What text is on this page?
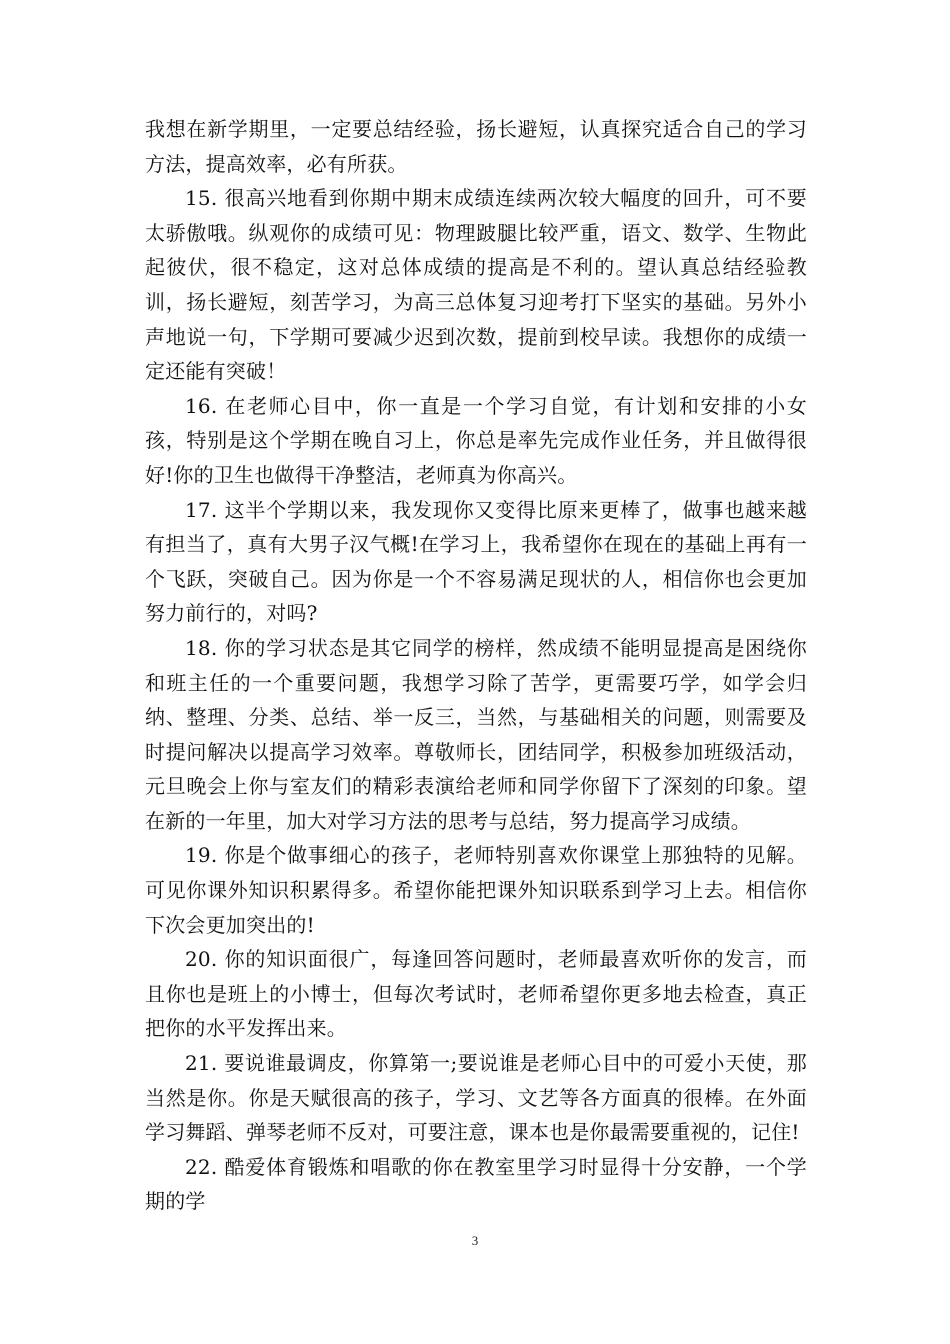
我想在新学期里，一定要总结经验，扬长避短，认真探究适合自己的学习方法，提高效率，必有所获。

15. 很高兴地看到你期中期末成绩连续两次较大幅度的回升，可不要太骄傲哦。纵观你的成绩可见：物理跛腿比较严重，语文、数学、生物此起彼伏，很不稳定，这对总体成绩的提高是不利的。望认真总结经验教训，扬长避短，刻苦学习，为高三总体复习迎考打下坚实的基础。另外小声地说一句，下学期可要减少迟到次数，提前到校早读。我想你的成绩一定还能有突破！

16. 在老师心目中，你一直是一个学习自觉，有计划和安排的小女孩，特别是这个学期在晚自习上，你总是率先完成作业任务，并且做得很好!你的卫生也做得干净整洁，老师真为你高兴。

17. 这半个学期以来，我发现你又变得比原来更棒了，做事也越来越有担当了，真有大男子汉气概!在学习上，我希望你在现在的基础上再有一个飞跃，突破自己。因为你是一个不容易满足现状的人，相信你也会更加努力前行的，对吗?

18. 你的学习状态是其它同学的榜样，然成绩不能明显提高是困绕你和班主任的一个重要问题，我想学习除了苦学，更需要巧学，如学会归纳、整理、分类、总结、举一反三，当然，与基础相关的问题，则需要及时提问解决以提高学习效率。尊敬师长，团结同学，积极参加班级活动，元旦晚会上你与室友们的精彩表演给老师和同学你留下了深刻的印象。望在新的一年里，加大对学习方法的思考与总结，努力提高学习成绩。

19. 你是个做事细心的孩子，老师特别喜欢你课堂上那独特的见解。可见你课外知识积累得多。希望你能把课外知识联系到学习上去。相信你下次会更加突出的!

20. 你的知识面很广，每逢回答问题时，老师最喜欢听你的发言，而且你也是班上的小博士，但每次考试时，老师希望你更多地去检查，真正把你的水平发挥出来。

21. 要说谁最调皮，你算第一;要说谁是老师心目中的可爱小天使，那当然是你。你是天赋很高的孩子，学习、文艺等各方面真的很棒。在外面学习舞蹈、弹琴老师不反对，可要注意，课本也是你最需要重视的，记住!

22. 酷爱体育锻炼和唱歌的你在教室里学习时显得十分安静，一个学期的学

3
